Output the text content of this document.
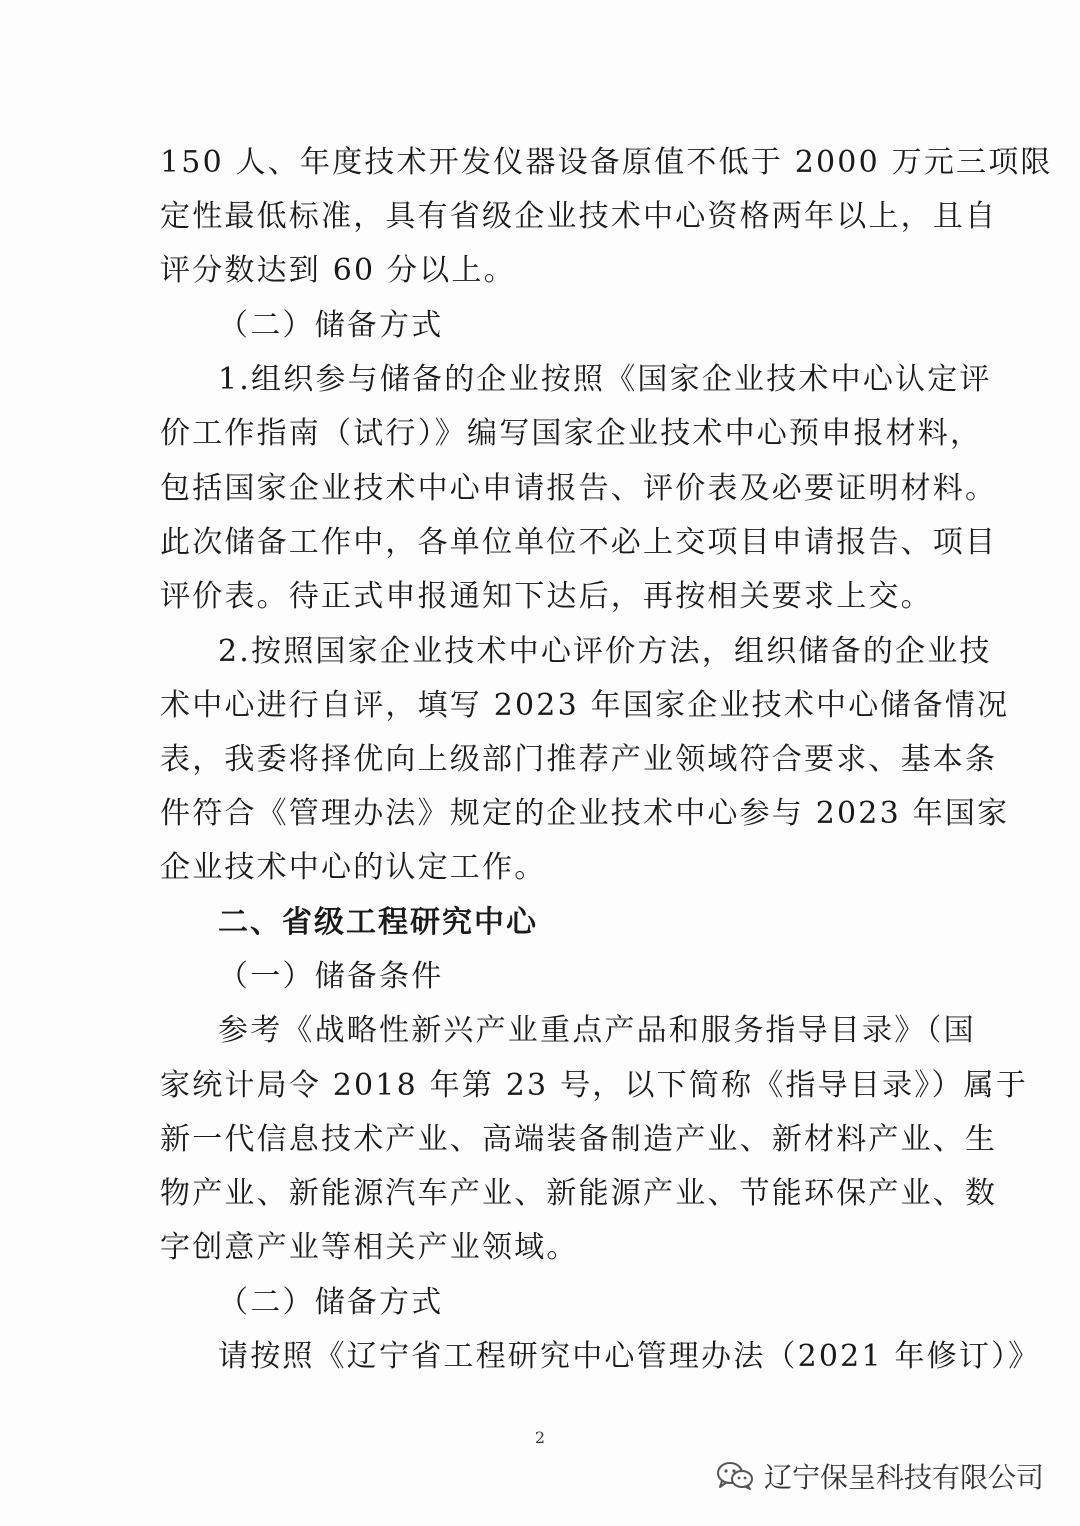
150 人、年度技术开发仪器设备原值不低于 2000 万元三项限
定性最低标准，具有省级企业技术中心资格两年以上，且自
评分数达到 60 分以上。
（二）储备方式
1.组织参与储备的企业按照《国家企业技术中心认定评
价工作指南（试行）》编写国家企业技术中心预申报材料，
包括国家企业技术中心申请报告、评价表及必要证明材料。
此次储备工作中，各单位单位不必上交项目申请报告、项目
评价表。待正式申报通知下达后，再按相关要求上交。
2.按照国家企业技术中心评价方法，组织储备的企业技
术中心进行自评，填写 2023 年国家企业技术中心储备情况
表，我委将择优向上级部门推荐产业领域符合要求、基本条
件符合《管理办法》规定的企业技术中心参与 2023 年国家
企业技术中心的认定工作。
二、省级工程研究中心
（一）储备条件
参考《战略性新兴产业重点产品和服务指导目录》（国
家统计局令 2018 年第 23 号，以下简称《指导目录》）属于
新一代信息技术产业、高端装备制造产业、新材料产业、生
物产业、新能源汽车产业、新能源产业、节能环保产业、数
字创意产业等相关产业领域。
（二）储备方式
请按照《辽宁省工程研究中心管理办法（2021 年修订）》
2
辽宁保呈科技有限公司
